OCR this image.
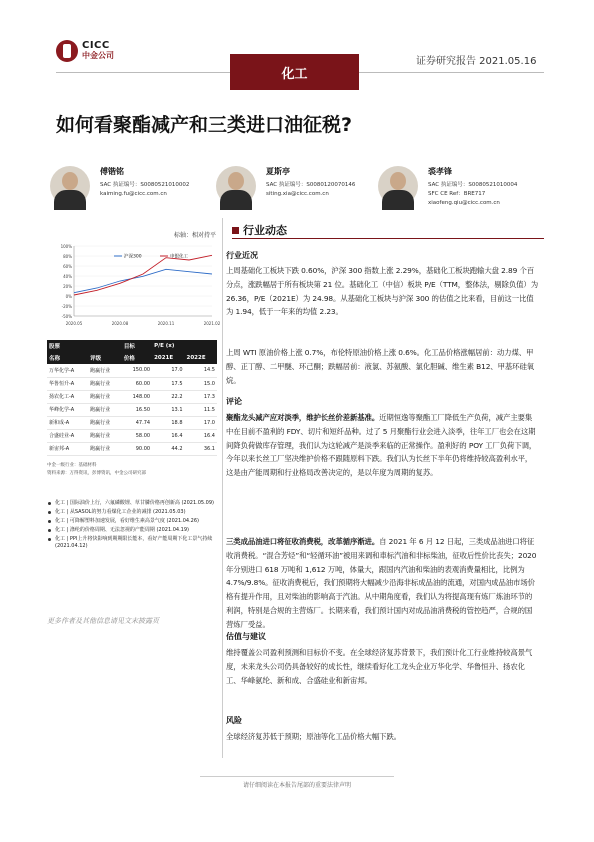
CICC
中金公司
化工
证券研究报告 2021.05.16
如何看聚酯减产和三类进口油征税?
傅锴铭
SAC 执证编号：S0080521010002
kaiming.fu@cicc.com.cn
夏斯亭
SAC 执证编号：S0080120070146
siting.xia@cicc.com.cn
裘孝锋
SAC 执证编号：S0080521010004
SFC CE Ref：BRE717
xiaofeng.qiu@cicc.com.cn
标轴：相对持平
100%
80%
60%
40%
20%
0%
-20%
-50%
2020.05	2020.08	2020.11	2021.02
沪深300	申银化工
股票		目标	P/E (x)	
名称	评级	价格	2021E	2022E
万华化学-A	跑赢行业	150.00	17.0	14.5
华鲁恒升-A	跑赢行业	60.00	17.5	15.0
扬农化工-A	跑赢行业	148.00	22.2	17.3
华峰化学-A	跑赢行业	16.50	13.1	11.5
新和成-A	跑赢行业	47.74	18.8	17.0
合盛硅业-A	跑赢行业	58.00	16.4	16.4
新宙邦-A	跑赢行业	90.00	44.2	36.1
中金一级行业：基础材料
资料来源：万得资讯，彭博资讯，中金公司研究部
化工 | 国际油价上行，六氟磷酸锂、草甘膦价格再创新高 (2021.05.09)
化工 | 从SASOL的努力看煤化工企业的减排 (2021.05.03)
化工 | 可降解塑料加速发展，看好维生素高景气度 (2021.04.26)
化工 | 涤纶的价格周期、无法忽视的产能周期 (2021.04.19)
化工 | PPI上升将快影响到期期限长能本，看好产能周期下化工景气持续 (2021.04.12)
更多作者及其他信息请见文末披露页
行业动态
行业近况
上周基础化工板块下跌 0.60%，沪深 300 指数上涨 2.29%，基础化工板块跑输大盘 2.89 个百分点，涨跌幅居于所有板块第 21 位。基础化工（中信）板块 P/E（TTM，整体法，剔除负值）为 26.36，P/E（2021E）为 24.98。从基础化工板块与沪深 300 的估值之比来看，目前这一比值为 1.94，低于一年来的均值 2.23。
上周 WTI 原油价格上涨 0.7%，布伦特原油价格上涨 0.6%。化工品价格涨幅居前：动力煤、甲醇、正丁醇、二甲醚、环己酮；跌幅居前：液氯、苏氨酸、氯化胆碱、维生素 B12、甲基环硅氧烷。
评论
聚酯龙头减产应对淡季，维护长丝价差新基准。近期恒逸等聚酯工厂降低生产负荷，减产主要集中在目前不盈利的 FDY、切片和短纤品种。过了 5 月聚酯行业会进入淡季，往年工厂也会在这期间降负荷做库存管理，我们认为这轮减产是淡季来临的正常操作。盈利好的 POY 工厂负荷下调，今年以来长丝工厂坚决维护价格不跟随原料下跌。我们认为长丝下半年仍将维持较高盈利水平，这是由产能周期和行业格局改善决定的，是以年度为周期的复苏。
三类成品油进口将征收消费税，改革循序渐进。自 2021 年 6 月 12 日起，三类成品油进口将征收消费税。“混合芳烃”和“轻循环油”被用来调和車标汽油和非标柴油，征收后性价比丧失；2020 年分别进口 618 万吨和 1,612 万吨，体量大，跟国内汽油和柴油的表观消费量相比，比例为 4.7%/9.8%。征收消费税后，我们预期将大幅减少沿海非标成品油的流通，对国内成品油市场价格有提升作用，且对柴油的影响高于汽油。从中期角度看，我们认为将提高现有炼厂炼油环节的利润，特别是合规的主营炼厂。长期来看，我们预计国内对成品油消费税的管控趋严，合规的国营炼厂受益。
估值与建议
维持覆盖公司盈利预测和目标价不变。在全球经济复苏背景下，我们预计化工行业维持较高景气度，未来龙头公司仍具备较好的成长性，继续看好化工龙头企业万华化学、华鲁恒升、扬农化工、华峰氨纶、新和成、合盛硅业和新宙邦。
风险
全球经济复苏低于预期；原油等化工品价格大幅下跌。
请仔细阅读在本报告尾部的重要法律声明
